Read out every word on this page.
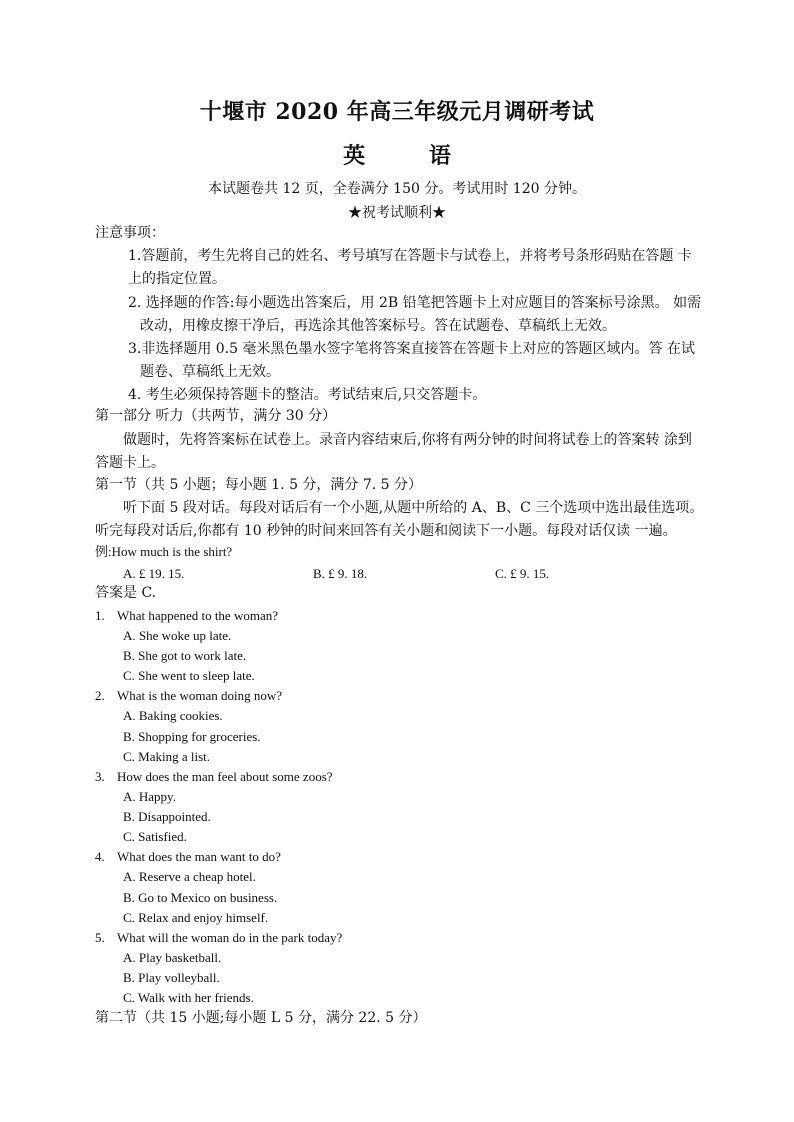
十堰市 2020 年高三年级元月调研考试
英 语
本试题卷共 12 页，全卷满分 150 分。考试用时 120 分钟。
★祝考试顺利★
注意事项：
1.答题前，考生先将自己的姓名、考号填写在答题卡与试卷上，并将考号条形码贴在答题 卡
上的指定位置。
2. 选择题的作答:每小题选出答案后，用 2B 铅笔把答题卡上对应题目的答案标号涂黑。 如需
改动，用橡皮擦干净后，再选涂其他答案标号。答在试题卷、草稿纸上无效。
3.非选择题用 0.5 毫米黑色墨水签字笔将答案直接答在答题卡上对应的答题区域内。答 在试
题卷、草稿纸上无效。
4. 考生必须保持答题卡的整洁。考试结束后,只交答题卡。
第一部分 听力（共两节，满分 30 分）
做题时，先将答案标在试卷上。录音内容结束后,你将有两分钟的时间将试卷上的答案转 涂到
答题卡上。
第一节（共 5 小题；每小题 1. 5 分，满分 7. 5 分）
听下面 5 段对话。每段对话后有一个小题,从题中所给的 A、B、C 三个选项中选出最佳选项。
听完每段对话后,你都有 10 秒钟的时间来回答有关小题和阅读下一小题。每段对话仅读 一遍。
例:How much is the shirt?
A. £ 19. 15.	B. £ 9. 18.	C. £ 9. 15.
答案是 C.
1. What happened to the woman?
A. She woke up late.
B. She got to work late.
C. She went to sleep late.
2. What is the woman doing now?
A. Baking cookies.
B. Shopping for groceries.
C. Making a list.
3. How does the man feel about some zoos?
A. Happy.
B. Disappointed.
C. Satisfied.
4. What does the man want to do?
A. Reserve a cheap hotel.
B. Go to Mexico on business.
C. Relax and enjoy himself.
5. What will the woman do in the park today?
A. Play basketball.
B. Play volleyball.
C. Walk with her friends.
第二节（共 15 小题;每小题 L 5 分，满分 22. 5 分）
